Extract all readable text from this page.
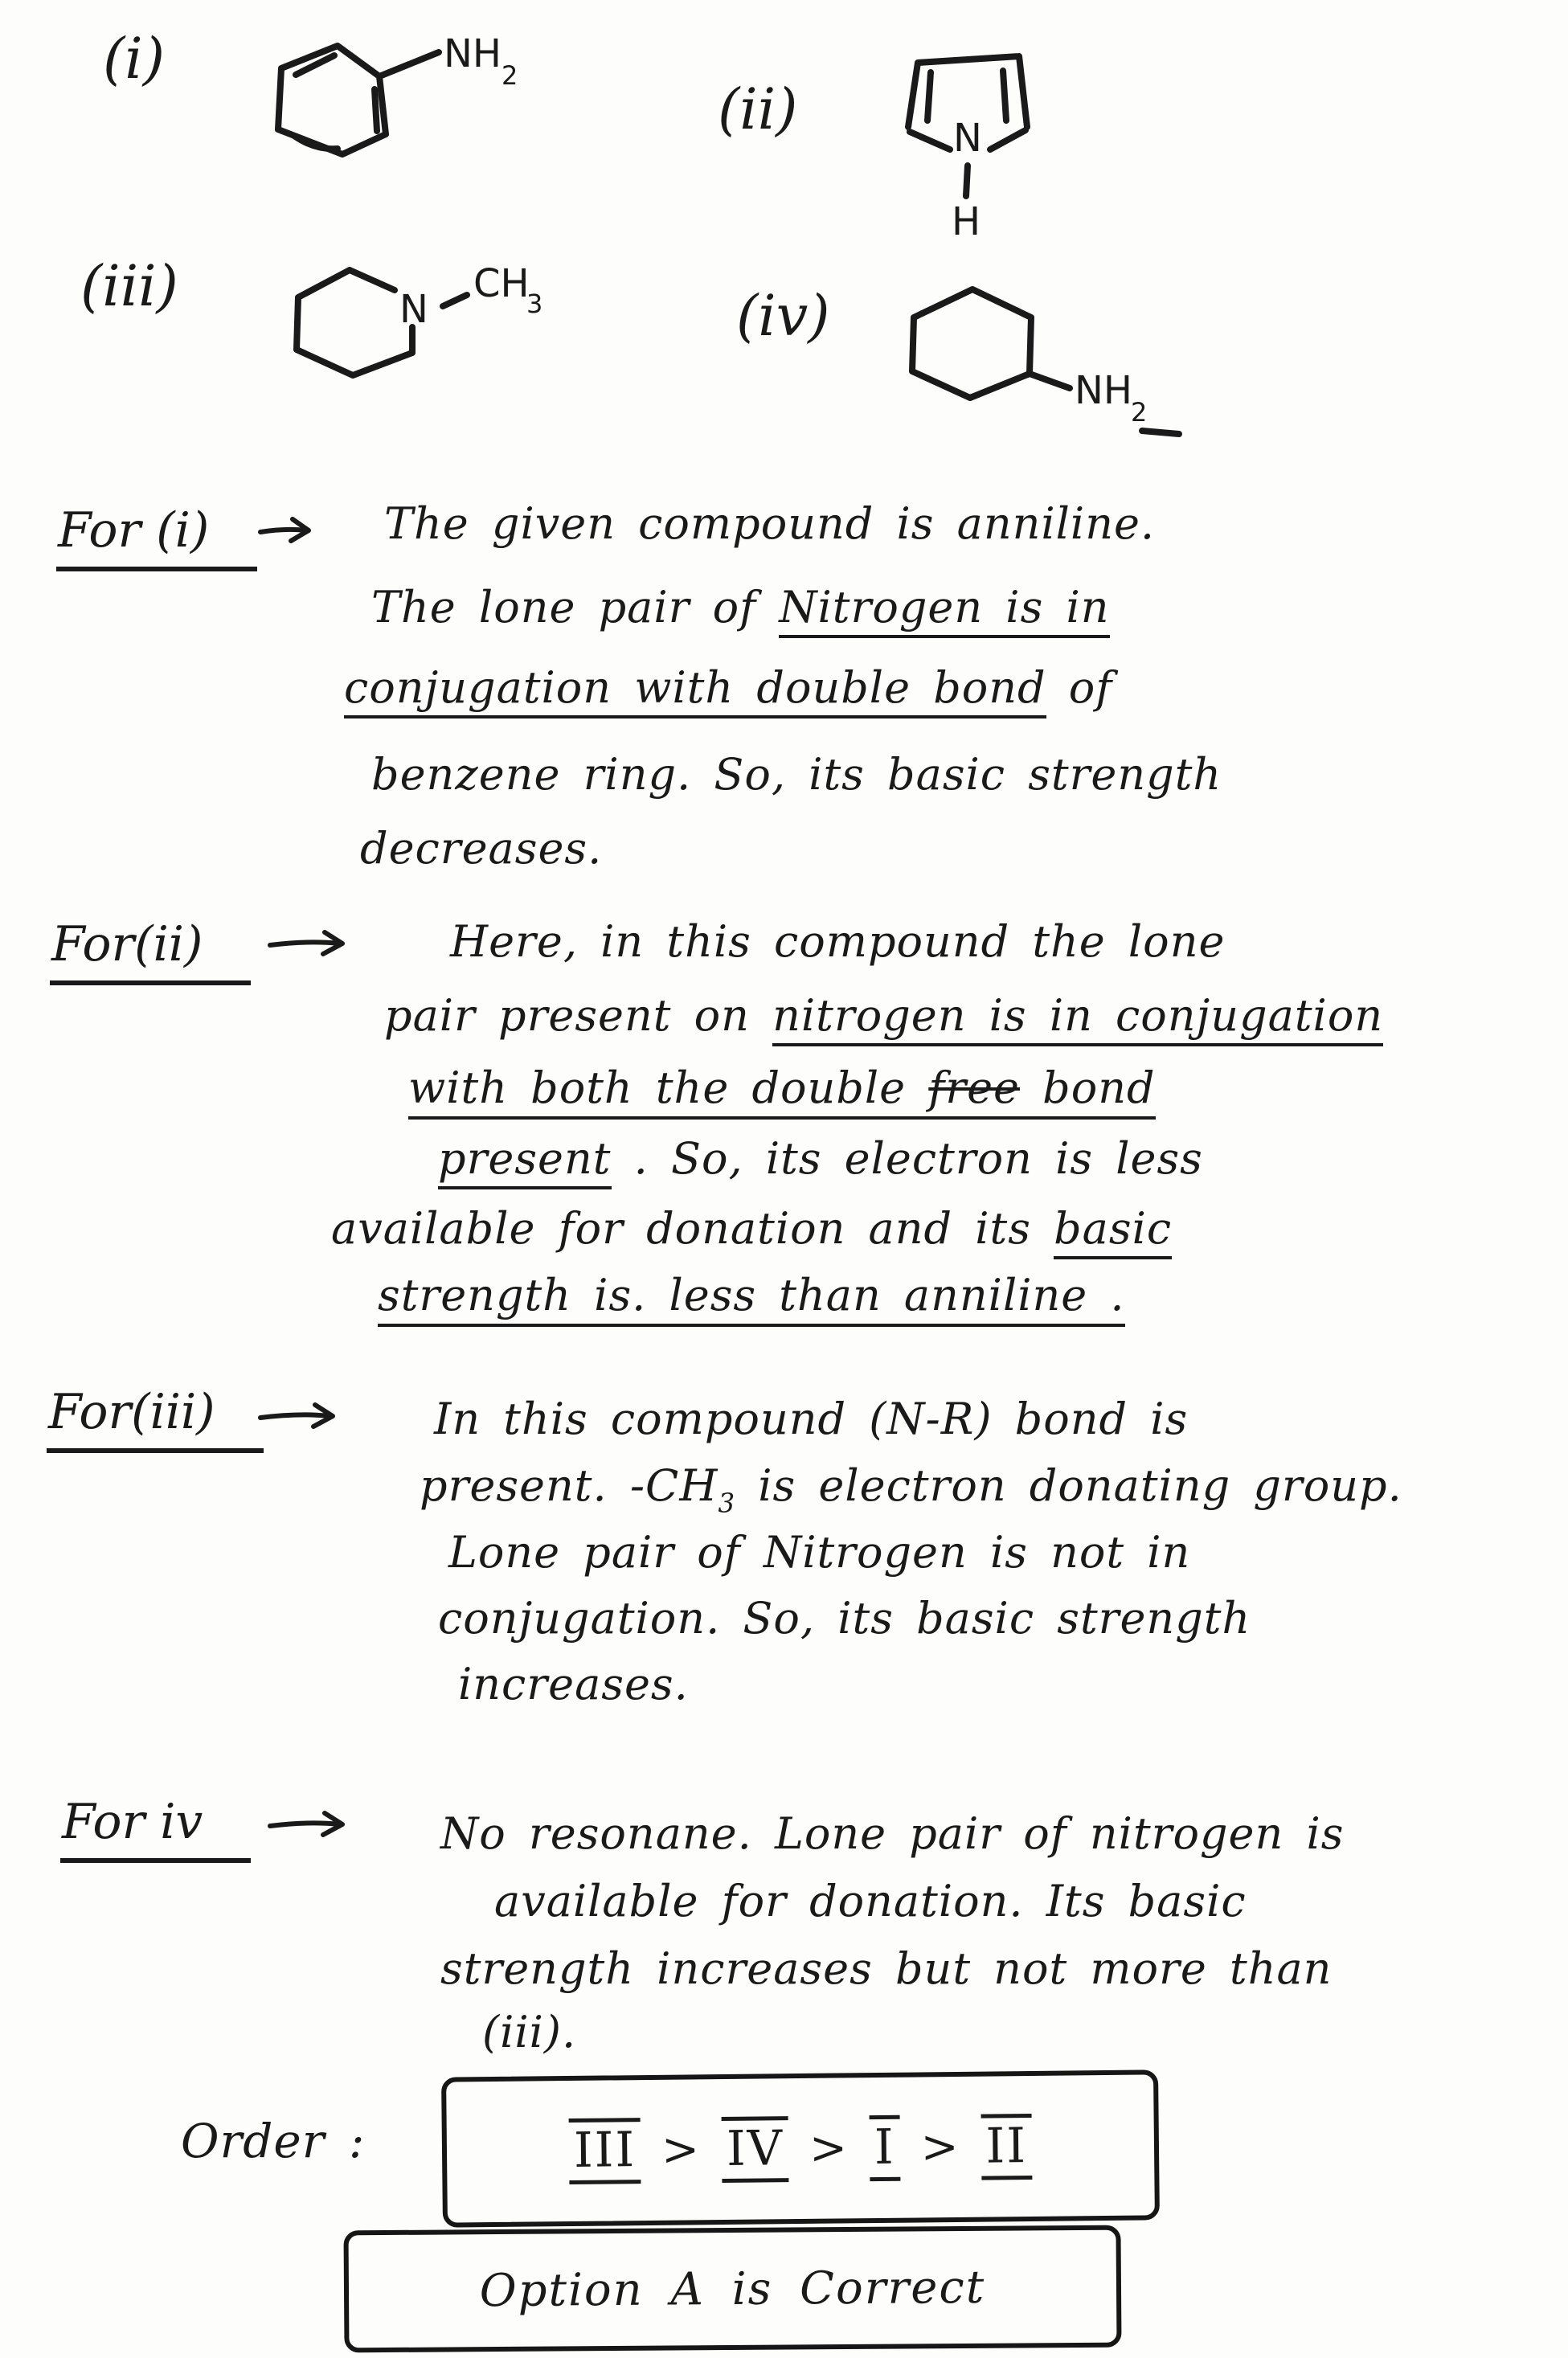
(i)	NH 2
(ii)	N
H
(iii)	N
CH
3	(iv)
NH
2
For (i)	The given compound is anniline.
The lone pair of Nitrogen is in
conjugation with double bond of
benzene ring. So, its basic strength
decreases.
For(ii)	Here, in this compound the lone
pair present on nitrogen is in conjugation
with both the double free bond
present . So, its electron is less
available for donation and its basic
strength is. less than anniline .
For(iii)	In this compound (N-R) bond is
present. $-CH_3$ is electron donating group.
Lone pair of Nitrogen is not in
conjugation. So, its basic strength
increases.
For iv	No resonane. Lone pair of nitrogen is
available for donation. Its basic
strength increases but not more than
(iii).
Order :	III > IV > I > II
Option A is Correct
